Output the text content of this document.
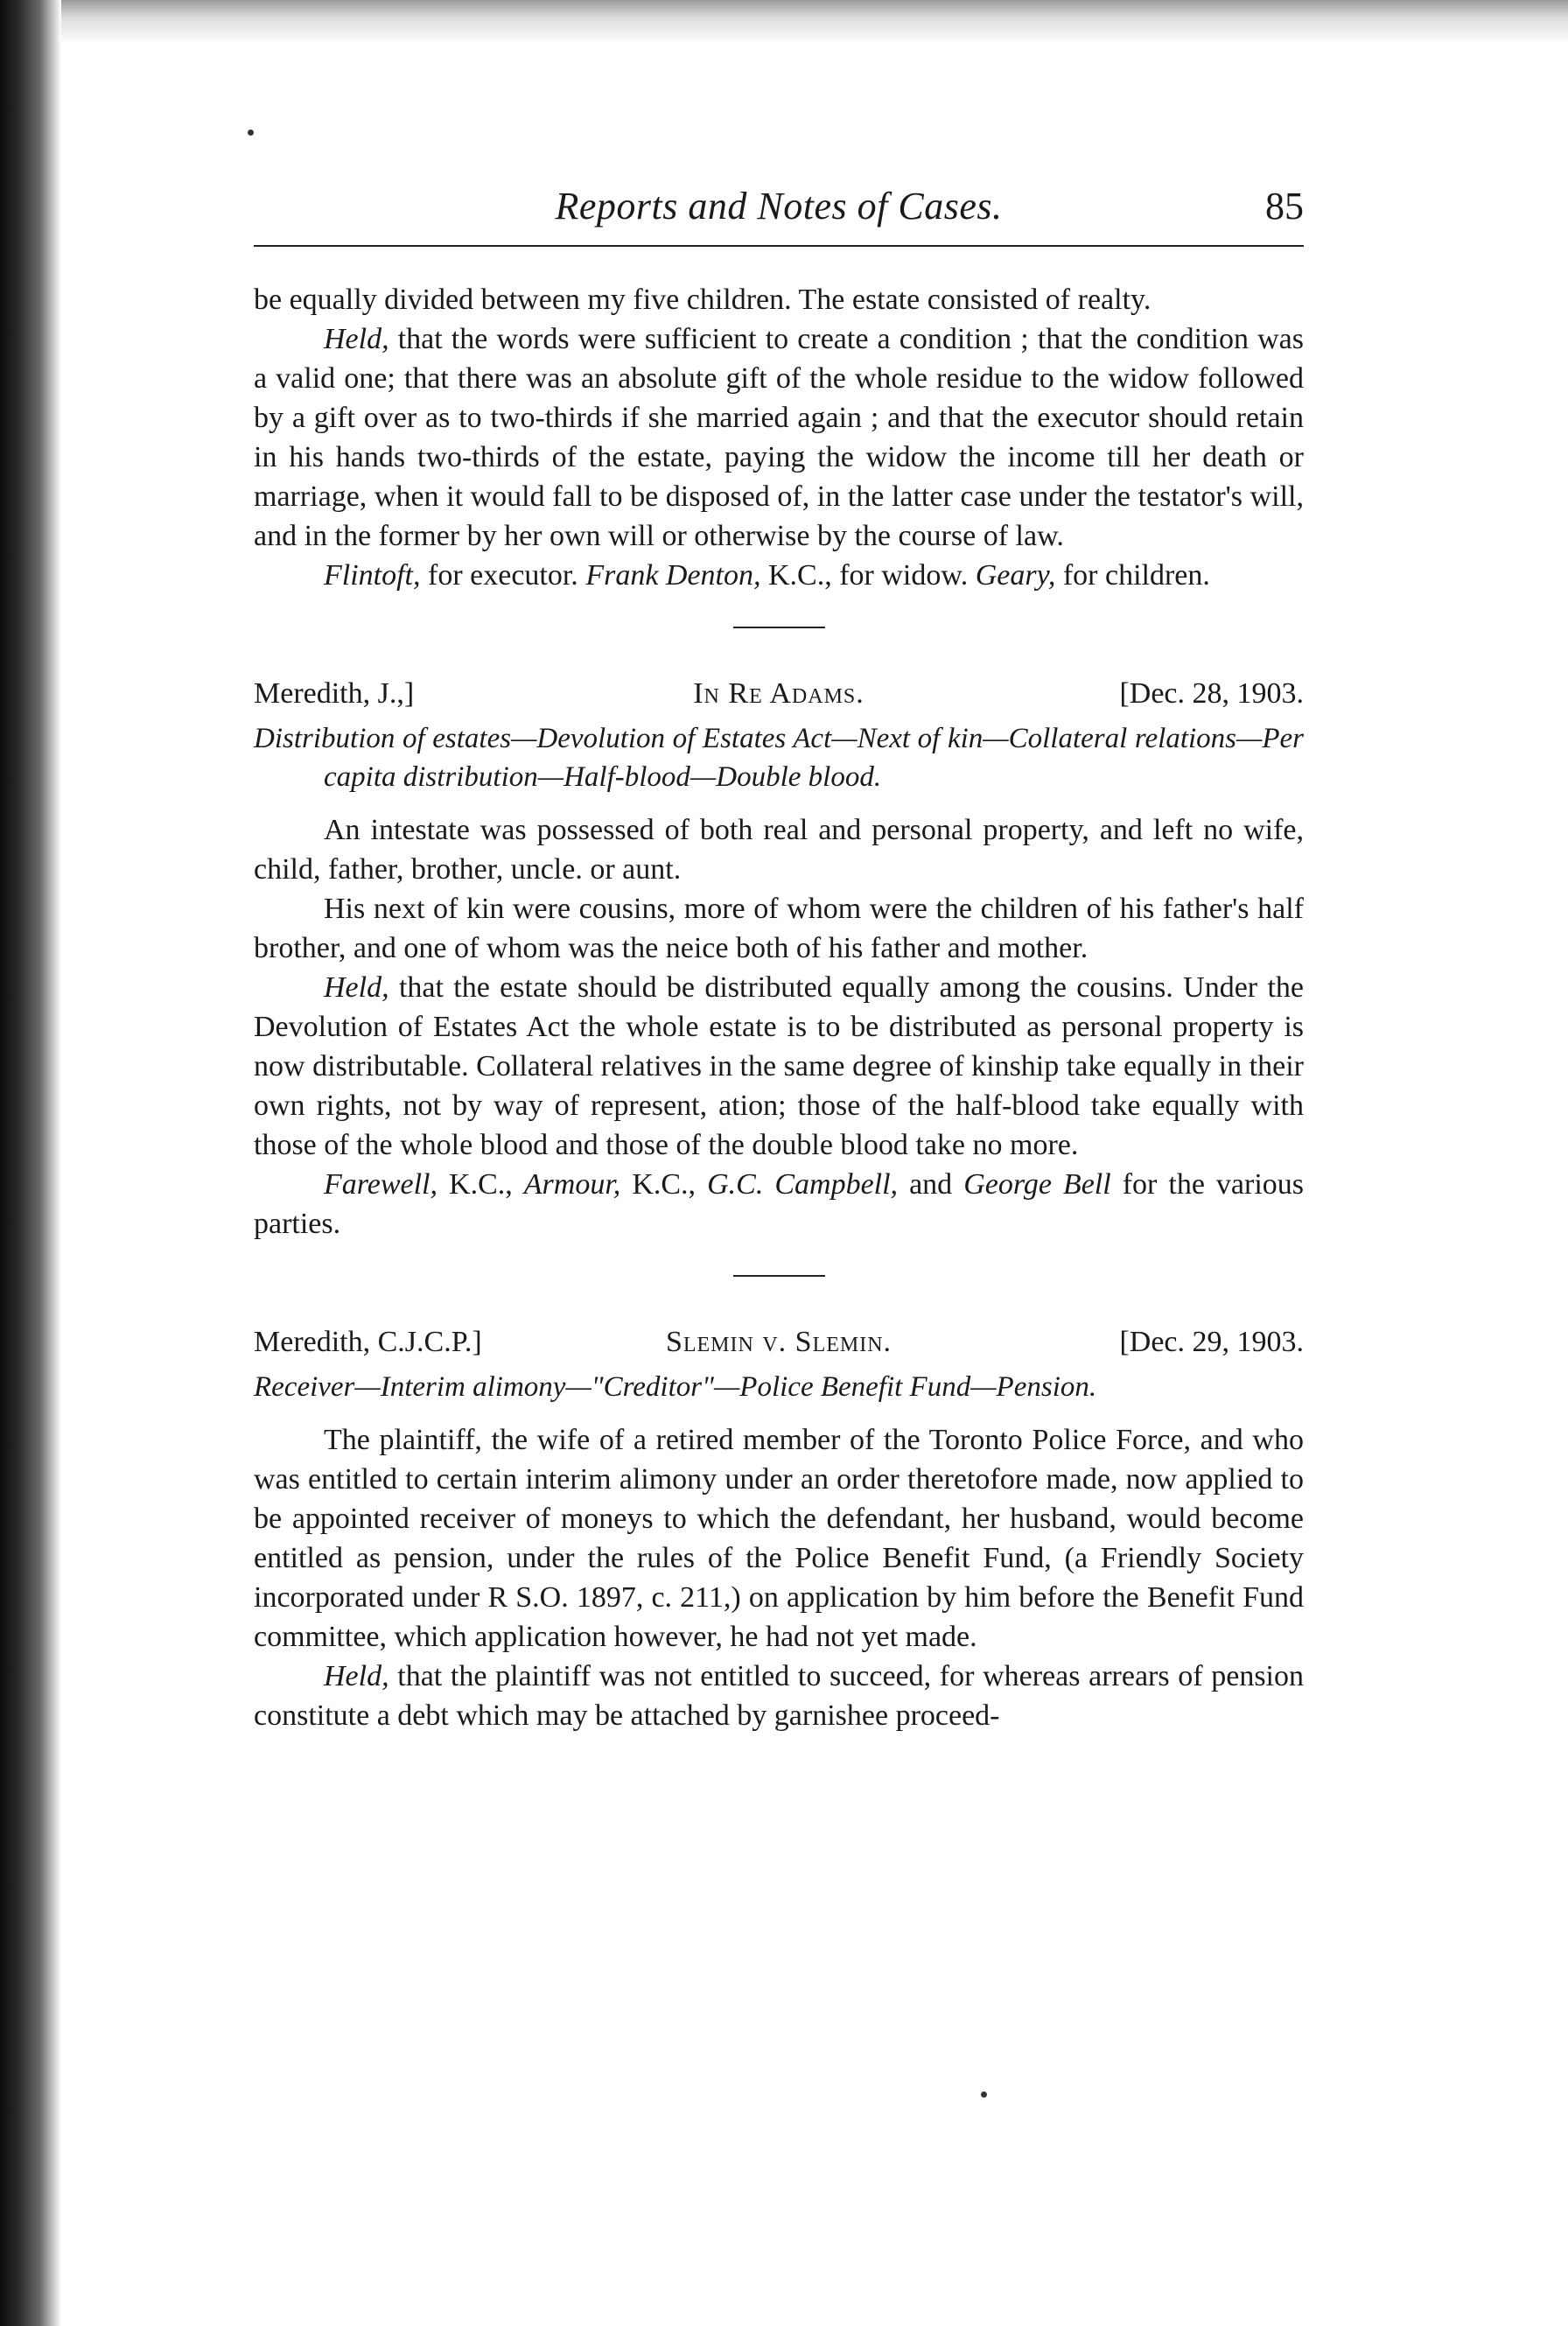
Reports and Notes of Cases.	85

be equally divided between my five children. The estate consisted of realty.

Held, that the words were sufficient to create a condition ; that the condition was a valid one; that there was an absolute gift of the whole residue to the widow followed by a gift over as to two-thirds if she married again ; and that the executor should retain in his hands two-thirds of the estate, paying the widow the income till her death or marriage, when it would fall to be disposed of, in the latter case under the testator's will, and in the former by her own will or otherwise by the course of law.

Flintoft, for executor. Frank Denton, K.C., for widow. Geary, for children.

Meredith, J.,]	In Re Adams.	[Dec. 28, 1903.
Distribution of estates—Devolution of Estates Act—Next of kin—Collateral relations—Per capita distribution—Half-blood—Double blood.

An intestate was possessed of both real and personal property, and left no wife, child, father, brother, uncle. or aunt.

His next of kin were cousins, more of whom were the children of his father's half brother, and one of whom was the neice both of his father and mother.

Held, that the estate should be distributed equally among the cousins. Under the Devolution of Estates Act the whole estate is to be distributed as personal property is now distributable. Collateral relatives in the same degree of kinship take equally in their own rights, not by way of represent, ation; those of the half-blood take equally with those of the whole blood and those of the double blood take no more.

Farewell, K.C., Armour, K.C., G.C. Campbell, and George Bell for the various parties.

Meredith, C.J.C.P.]	Slemin v. Slemin.	[Dec. 29, 1903.
Receiver—Interim alimony—"Creditor"—Police Benefit Fund—Pension.

The plaintiff, the wife of a retired member of the Toronto Police Force, and who was entitled to certain interim alimony under an order theretofore made, now applied to be appointed receiver of moneys to which the defendant, her husband, would become entitled as pension, under the rules of the Police Benefit Fund, (a Friendly Society incorporated under R S.O. 1897, c. 211,) on application by him before the Benefit Fund committee, which application however, he had not yet made.

Held, that the plaintiff was not entitled to succeed, for whereas arrears of pension constitute a debt which may be attached by garnishee proceed-
